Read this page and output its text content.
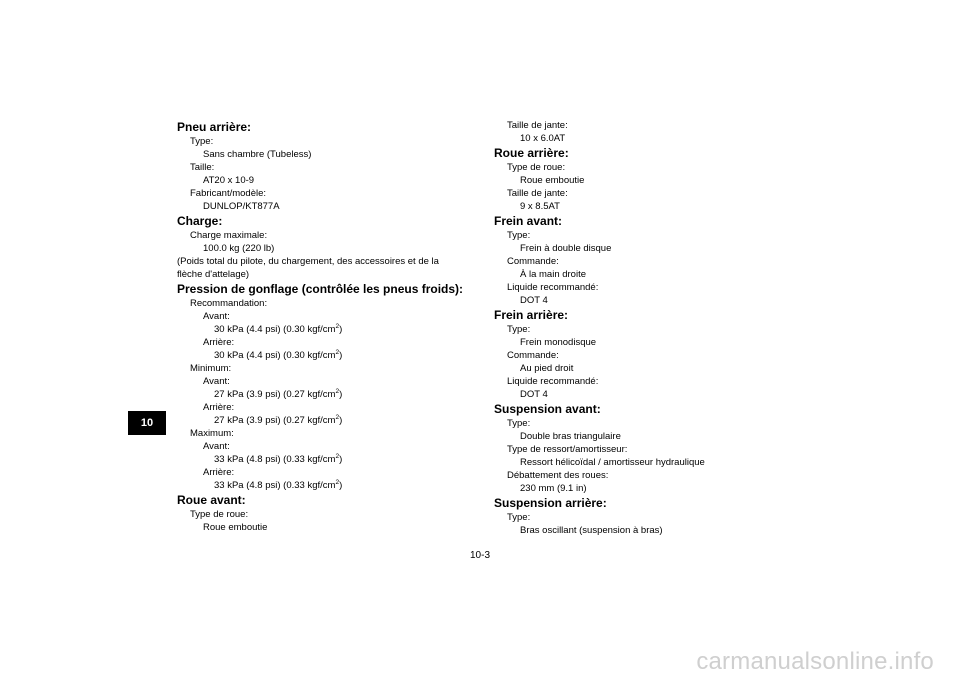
10
Pneu arrière:
Type:
Sans chambre (Tubeless)
Taille:
AT20 x 10-9
Fabricant/modèle:
DUNLOP/KT877A
Charge:
Charge maximale:
100.0 kg (220 lb)
(Poids total du pilote, du chargement, des accessoires et de la
flèche d'attelage)
Pression de gonflage (contrôlée les pneus froids):
Recommandation:
Avant:
30 kPa (4.4 psi) (0.30 kgf/$cm^2$)
Arrière:
30 kPa (4.4 psi) (0.30 kgf/$cm^2$)
Minimum:
Avant:
27 kPa (3.9 psi) (0.27 kgf/$cm^2$)
Arrière:
27 kPa (3.9 psi) (0.27 kgf/$cm^2$)
Maximum:
Avant:
33 kPa (4.8 psi) (0.33 kgf/$cm^2$)
Arrière:
33 kPa (4.8 psi) (0.33 kgf/$cm^2$)
Roue avant:
Type de roue:
Roue emboutie
Taille de jante:
10 x 6.0AT
Roue arrière:
Type de roue:
Roue emboutie
Taille de jante:
9 x 8.5AT
Frein avant:
Type:
Frein à double disque
Commande:
À la main droite
Liquide recommandé:
DOT 4
Frein arrière:
Type:
Frein monodisque
Commande:
Au pied droit
Liquide recommandé:
DOT 4
Suspension avant:
Type:
Double bras triangulaire
Type de ressort/amortisseur:
Ressort hélicoïdal / amortisseur hydraulique
Débattement des roues:
230 mm (9.1 in)
Suspension arrière:
Type:
Bras oscillant (suspension à bras)
10-3
carmanualsonline.info
